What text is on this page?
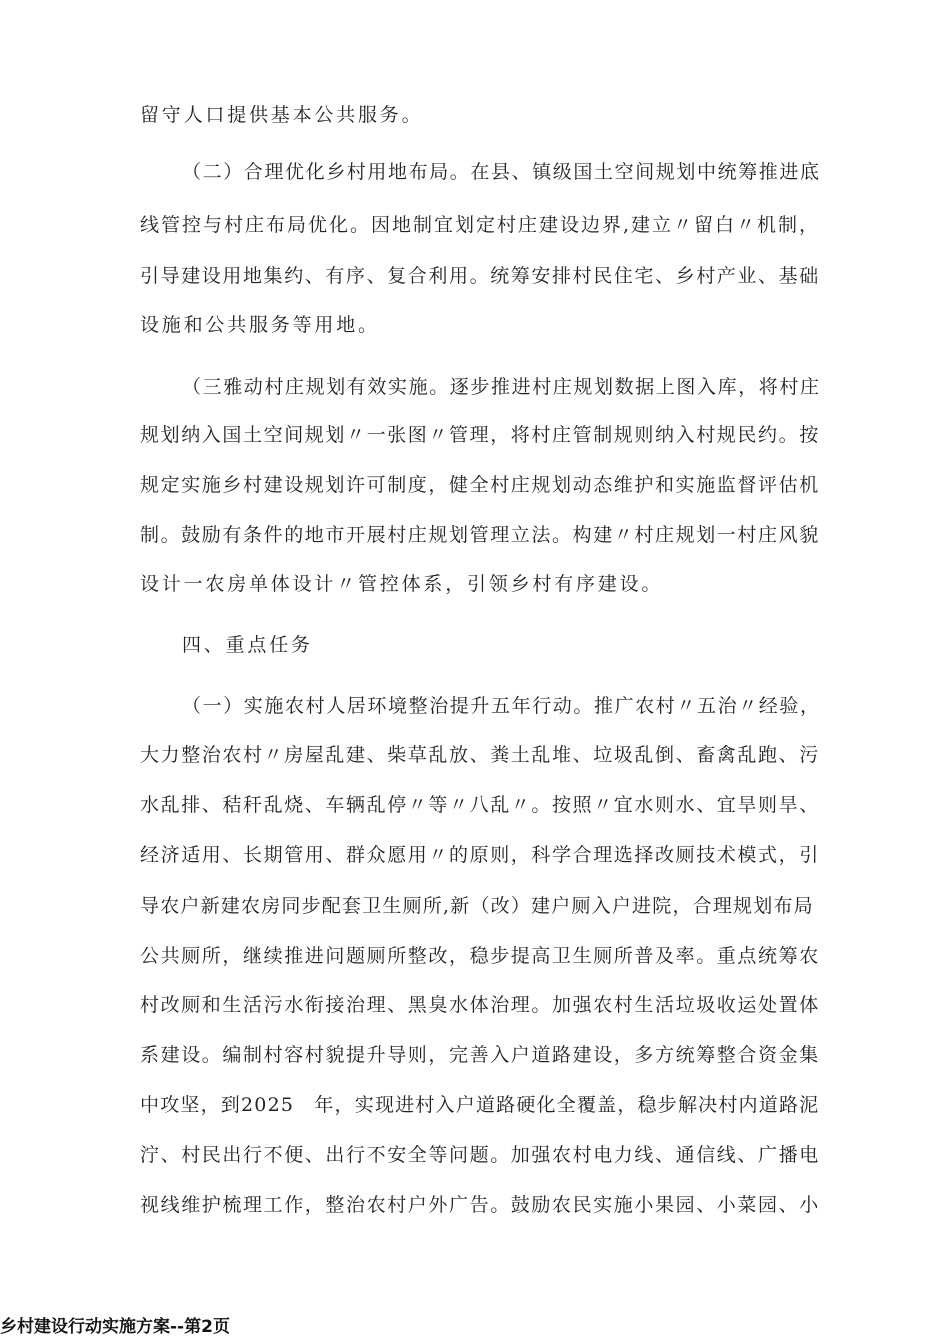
留守人口提供基本公共服务。
（二）合理优化乡村用地布局。在县、镇级国土空间规划中统筹推进底
线管控与村庄布局优化。因地制宜划定村庄建设边界,建立〃留白〃机制，
引导建设用地集约、有序、复合利用。统筹安排村民住宅、乡村产业、基础
设施和公共服务等用地。
（三雅动村庄规划有效实施。逐步推进村庄规划数据上图入库，将村庄
规划纳入国土空间规划〃一张图〃管理，将村庄管制规则纳入村规民约。按
规定实施乡村建设规划许可制度，健全村庄规划动态维护和实施监督评估机
制。鼓励有条件的地市开展村庄规划管理立法。构建〃村庄规划一村庄风貌
设计一农房单体设计〃管控体系，引领乡村有序建设。
四、重点任务
（一）实施农村人居环境整治提升五年行动。推广农村〃五治〃经验，
大力整治农村〃房屋乱建、柴草乱放、粪土乱堆、垃圾乱倒、畜禽乱跑、污
水乱排、秸秆乱烧、车辆乱停〃等〃八乱〃。按照〃宜水则水、宜旱则旱、
经济适用、长期管用、群众愿用〃的原则，科学合理选择改厕技术模式，引
导农户新建农房同步配套卫生厕所,新（改）建户厕入户进院，合理规划布局
公共厕所，继续推进问题厕所整改，稳步提高卫生厕所普及率。重点统筹农
村改厕和生活污水衔接治理、黑臭水体治理。加强农村生活垃圾收运处置体
系建设。编制村容村貌提升导则，完善入户道路建设，多方统筹整合资金集
中攻坚，到2025　年，实现进村入户道路硬化全覆盖，稳步解决村内道路泥
泞、村民出行不便、出行不安全等问题。加强农村电力线、通信线、广播电
视线维护梳理工作，整治农村户外广告。鼓励农民实施小果园、小菜园、小
乡村建设行动实施方案--第2页
